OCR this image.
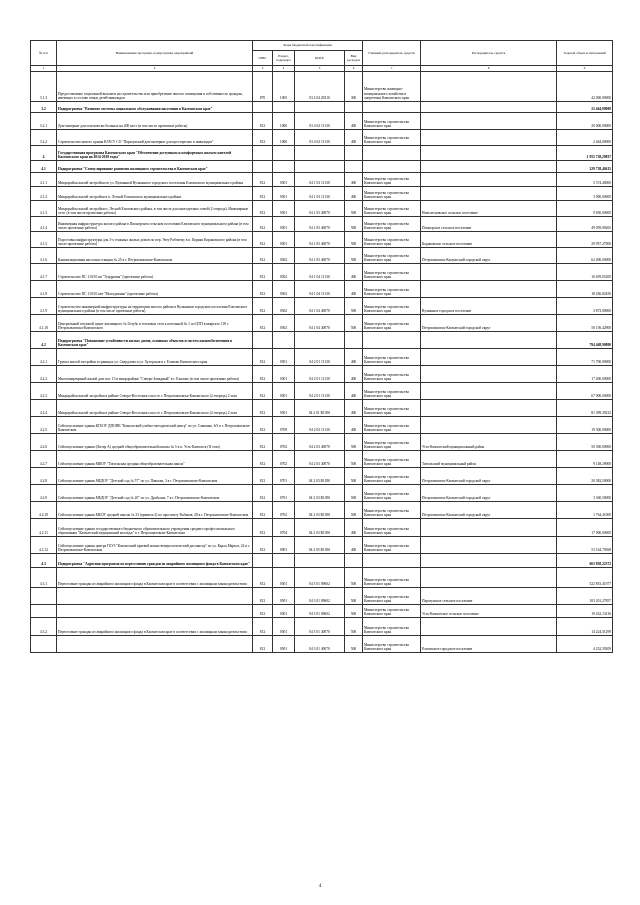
№ п/п	Наименование программ, подпрограмм, мероприятий	Коды бюджетной классификации				Главный распорядитель средств	Распорядитель средств	Годовой объем ассигнований
		ГРБС	Раздел, подраздел	КЦСР	Вид расходов			
1	2	3	4	5	6	7	8	9
3.1.3	Предоставление социальной выплаты на строительство или приобретение жилого помещения в собственность граждан, имеющих в составе семьи детей-инвалидов	870	1003	03 2 04 20310	300	Министерство жилищно-коммунального хозяйства и энергетики Камчатского края		42 000,00000
3.2	Подпрограмма "Развитие системы социального обслуживания населения в Камчатском крае"							22 464,00000
3.2.1	Дом-интернат для психически больных на 400 мест (в том числе проектные работы)	812	1006	03 4 02 11130	400	Министерство строительства Камчатского края		20 000,00000
3.2.2	Строительство нового здания КГАСУ СО "Паратунский дом-интернат для престарелых и инвалидов"	812	1006	03 4 02 11130	400	Министерство строительства Камчатского края		2 464,00000
4	Государственная программа Камчатского края "Обеспечение доступным и комфортным жильем жителей Камчатского края на 2014-2018 годы"							1 955 738,29837
4.1	Подпрограмма "Стимулирование развития жилищного строительства в Камчатском крае"							229 738,40415
4.1.1	Микрорайон жилой застройки по ул. Вулканной Вулканного городского поселения Елизовского муниципального района	812	0501	04 1 03 11130	400	Министерство строительства Камчатского края		3 374,40000
4.1.2	Микрорайон жилой застройки в п. Лесной Елизовского муниципального района	812	0501	04 1 03 11130	400	Министерство строительства Камчатского края		3 000,00000
4.1.3	Микрорайон жилой застройки п. Лесной Елизовского района, в том числе для многодетных семей (2 очередь). Инженерные сети. (в том числе проектные работы)	812	0501	04 1 03 40070	500	Министерство строительства Камчатского края	Новолесновское сельское поселение	9 650,00000
4.1.4	Инженерная инфраструктура жилого района в Пионерском сельском поселении Елизовского муниципального района (в том числе проектные работы)	812	0501	04 1 03 40070	500	Министерство строительства Камчатского края	Пионерское сельское поселение	49 059,90265
4.1.5	Подготовка инфраструктуры для 3-х этажных жилых домов по пер. Увеу Рабочему в п. Коряки Коряковского района (в том числе проектные работы)	812	0501	04 1 03 40070	500	Министерство строительства Камчатского края	Коряковское сельское поселение	29 957,27000
4.1.6	Канализационная насосная станция № 25 в г. Петропавловске-Камчатском	812	0502	04 1 03 40070	500	Министерство строительства Камчатского края	Петропавловск-Камчатский городской округ	62 400,00000
4.1.7	Строительство ПС 110/10 кв "Тундровая" (проектные работы)	812	0502	04 1 04 11130	400	Министерство строительства Камчатского края		16 659,05200
4.1.8	Строительство ПС 110/10 квт "Молодежная" (проектные работы)	812	0502	04 1 04 11130	400	Министерство строительства Камчатского края		18 436,82450
4.1.9	Строительство инженерной инфраструктуры на территории жилого района в Вулканном городском поселении Елизовского муниципального района (в том числе проектные работы)	812	0502	04 1 04 40070	500	Министерство строительства Камчатского края	Вулканное городское поселение	3 873,00000
4.1.10	Центральный тепловой пункт жилищного № Голубь и тепловые сети к котельной № 1 по ЦТП в квартале 118 г. Петропавловска-Камчатского	812	0502	04 1 04 40070	500	Министерство строительства Камчатского края	Петропавловск-Камчатский городской округ	50 156,42900
4.2	Подпрограмма "Повышение устойчивости жилых домов, основных объектов и систем жизнеобеспечения в Камчатском крае"							794 468,90800
4.2.1	Группа жилой застройки в границах ул. Свердлова и ул. Хуторская в г. Елизово Камчатского края	812	0501	04 2 01 11130	400	Министерство строительства Камчатского края		71 700,00000
4.2.2	Многоквартирный жилой дом поз. 15 в микрорайоне "Северо-Западный" в г. Елизово (в том числе проектные работы)	812	0501	04 2 01 11130	400	Министерство строительства Камчатского края		17 400,00000
4.2.3	Микрорайон жилой застройки в районе Северо-Восточного шоссе г. Петропавловска-Камчатского (2 очередь) 2 этап	812	0501	04 2 01 11130	400	Министерство строительства Камчатского края		67 000,00000
4.2.4	Микрорайон жилой застройки в районе Северо-Восточного шоссе г. Петропавловска-Камчатского (2 очередь) 2 этап	812	0501	04 2 01 R1050	400	Министерство строительства Камчатского края		81 399,39232
4.2.5	Сейсмоусиление здания КГБОУ ДПОПК "Камчатский учебно-методический центр" по ул. Савченко, 6/3 в г. Петропавловске-Камчатском	812	0709	04 2 03 11130	400	Министерство строительства Камчатского края		19 300,00000
4.2.6	Сейсмоусиление здания (Литер А) средней общеобразовательной школы № 5 в п. Усть-Камчатск (II этап)	812	0702	04 2 03 40070	500	Министерство строительства Камчатского края	Усть-Камчатский муниципальный район	50 300,00000
4.2.7	Сейсмоусиление здания МКОУ "Тигильская средняя общеобразовательная школа"	812	0702	04 2 03 40070	500	Министерство строительства Камчатского края	Тигильский муниципальный район	9 148,29000
4.2.8	Сейсмоусиление здания МБДОУ "Детский сад № 57" по ул. Павлова, 3 в г. Петропавловске-Камчатском	812	0701	04 2 03 R1050	500	Министерство строительства Камчатского края	Петропавловск-Камчатский городской округ	20 382,50000
4.2.9	Сейсмоусиление здания МБДОУ "Детский сад № 20" по ул. Дробыша, 7 в г. Петропавловске-Камчатском	812	0701	04 2 03 R1050	500	Министерство строительства Камчатского края	Петропавловск-Камчатский городской округ	3 360,50000
4.2.10	Сейсмоусиление здания МБОУ средней школы № 33 (правила 2) по проспекту Рыбаков, 28 в г. Петропавловске-Камчатском	812	0702	04 2 03 R1050	500	Министерство строительства Камчатского края	Петропавловск-Камчатский городской округ	1 764,41000
4.2.11	Сейсмоусиление здания государственного бюджетного образовательного учреждения среднего профессионального образования "Камчатский медицинский колледж" в г. Петропавловске-Камчатском	812	0704	04 2 03 R1050	400	Министерство строительства Камчатского края		17 000,00000
4.2.12	Сейсмоусиление здания центра ГБУЗ "Камчатский краевой кожно-венерологический диспансер" по ул. Карла Маркса, 22 в г. Петропавловске-Камчатском	812	0901	04 2 05 R1050	400	Министерство строительства Камчатского края		53 164,70568
4.3	Подпрограмма "Адресная программа по переселению граждан из аварийного жилищного фонда в Камчатском крае"							665 858,22372
4.3.1	Переселение граждан из аварийного жилищного фонда в Камчатском крае в соответствии с жилищным законодательством	812	0501	04 3 01 09602	500	Министерство строительства Камчатского края		522 853,41077
		812	0501	04 3 01 09602	500	Министерство строительства Камчатского края	Паратунское сельское поселение	103 201,27857
		812	0501	04 3 01 09602	500	Министерство строительства Камчатского края	Усть-Камчатское сельское поселение	19 432,13216
4.3.2	Переселение граждан из аварийного жилищного фонда в Камчатском крае в соответствии с жилищным законодательством	812	0501	04 3 01 40070	500	Министерство строительства Камчатского края		14 224,31299
		812	0501	04 3 01 40070	500	Министерство строительства Камчатского края	Елизовское городское поселение	4 232,59209
4
